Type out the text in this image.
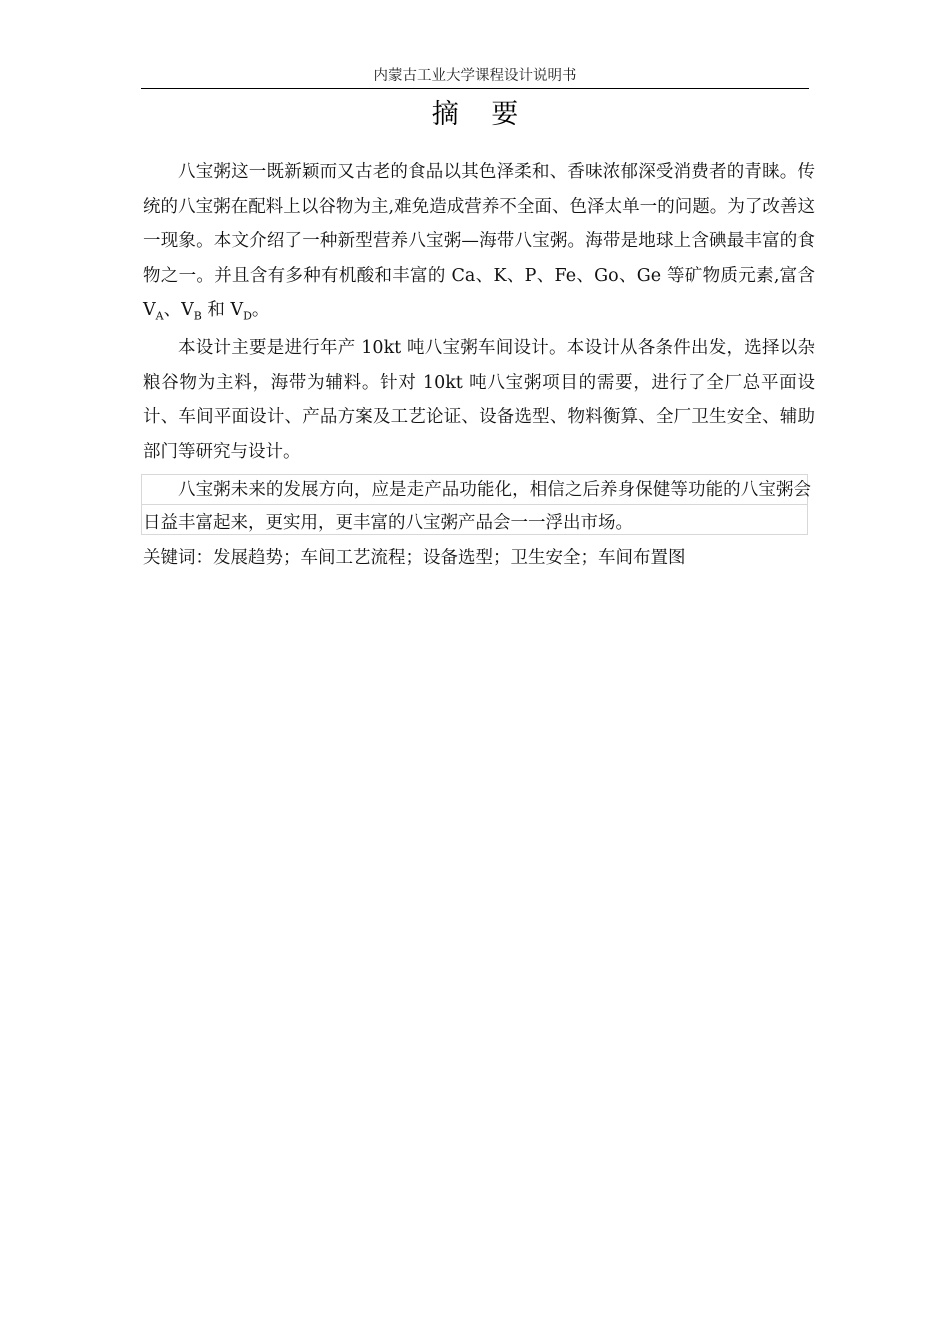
内蒙古工业大学课程设计说明书
摘 要

八宝粥这一既新颖而又古老的食品以其色泽柔和、香味浓郁深受消费者的青睐。传统的八宝粥在配料上以谷物为主,难免造成营养不全面、色泽太单一的问题。为了改善这一现象。本文介绍了一种新型营养八宝粥—海带八宝粥。海带是地球上含碘最丰富的食物之一。并且含有多种有机酸和丰富的 Ca、K、P、Fe、Go、Ge 等矿物质元素,富含 $V_A$、$V_B$ 和 $V_D$。

本设计主要是进行年产 10kt 吨八宝粥车间设计。本设计从各条件出发，选择以杂粮谷物为主料，海带为辅料。针对 10kt 吨八宝粥项目的需要，进行了全厂总平面设计、车间平面设计、产品方案及工艺论证、设备选型、物料衡算、全厂卫生安全、辅助部门等研究与设计。

八宝粥未来的发展方向，应是走产品功能化，相信之后养身保健等功能的八宝粥会日益丰富起来，更实用，更丰富的八宝粥产品会一一浮出市场。

关键词：发展趋势；车间工艺流程；设备选型；卫生安全；车间布置图
